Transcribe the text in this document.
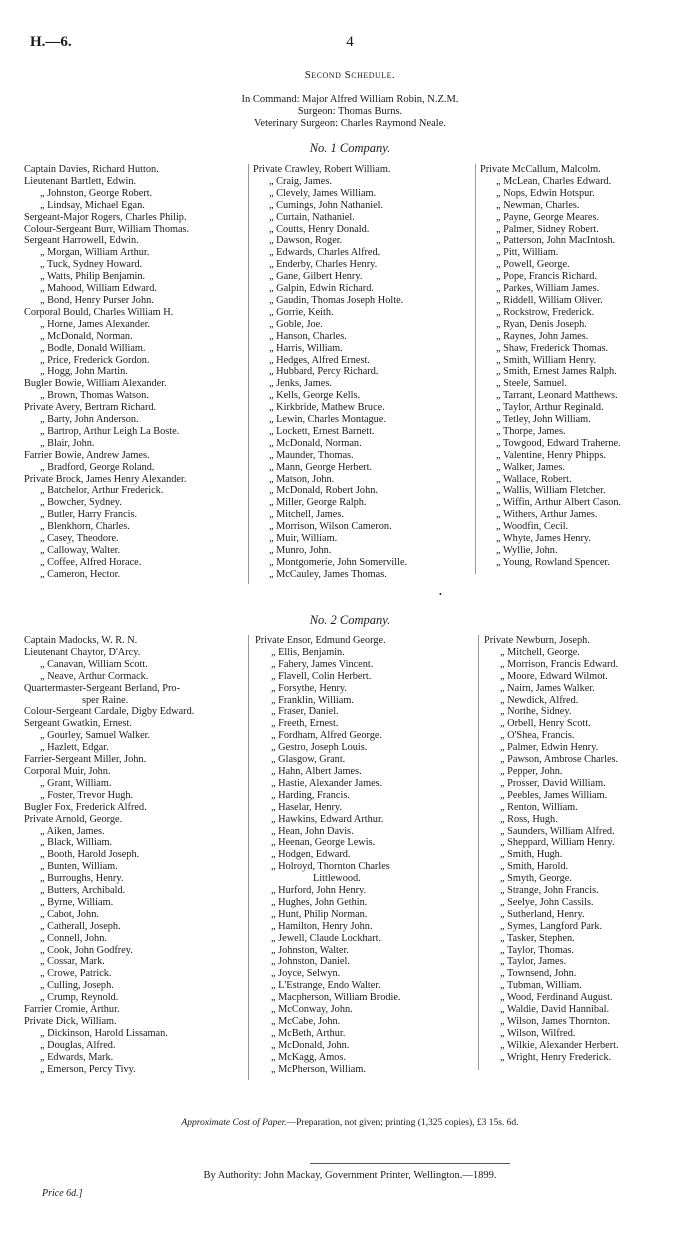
H.—6.	4
Second Schedule.
In Command: Major Alfred William Robin, N.Z.M.
Surgeon: Thomas Burns.
Veterinary Surgeon: Charles Raymond Neale.
No. 1 Company.
Captain Davies, Richard Hutton.
Lieutenant Bartlett, Edwin.
„ Johnston, George Robert.
„ Lindsay, Michael Egan.
Sergeant-Major Rogers, Charles Philip.
Colour-Sergeant Burr, William Thomas.
Sergeant Harrowell, Edwin.
„ Morgan, William Arthur.
„ Tuck, Sydney Howard.
„ Watts, Philip Benjamin.
„ Mahood, William Edward.
„ Bond, Henry Purser John.
Corporal Bould, Charles William H.
„ Horne, James Alexander.
„ McDonald, Norman.
„ Bodle, Donald William.
„ Price, Frederick Gordon.
„ Hogg, John Martin.
Bugler Bowie, William Alexander.
„ Brown, Thomas Watson.
Private Avery, Bertram Richard.
„ Barty, John Anderson.
„ Bartrop, Arthur Leigh La Boste.
„ Blair, John.
Farrier Bowie, Andrew James.
„ Bradford, George Roland.
Private Brock, James Henry Alexander.
„ Batchelor, Arthur Frederick.
„ Bowcher, Sydney.
„ Butler, Harry Francis.
„ Blenkhorn, Charles.
„ Casey, Theodore.
„ Calloway, Walter.
„ Coffee, Alfred Horace.
„ Cameron, Hector.
Private Crawley, Robert William.
„ Craig, James.
„ Clevely, James William.
„ Cumings, John Nathaniel.
„ Curtain, Nathaniel.
„ Coutts, Henry Donald.
„ Dawson, Roger.
„ Edwards, Charles Alfred.
„ Enderby, Charles Henry.
„ Gane, Gilbert Henry.
„ Galpin, Edwin Richard.
„ Gaudin, Thomas Joseph Holte.
„ Gorrie, Keith.
„ Goble, Joe.
„ Hanson, Charles.
„ Harris, William.
„ Hedges, Alfred Ernest.
„ Hubbard, Percy Richard.
„ Jenks, James.
„ Kells, George Kells.
„ Kirkbride, Mathew Bruce.
„ Lewin, Charles Montague.
„ Lockett, Ernest Barnett.
„ McDonald, Norman.
„ Maunder, Thomas.
„ Mann, George Herbert.
„ Matson, John.
„ McDonald, Robert John.
„ Miller, George Ralph.
„ Mitchell, James.
„ Morrison, Wilson Cameron.
„ Muir, William.
„ Munro, John.
„ Montgomerie, John Somerville.
„ McCauley, James Thomas.
Private McCallum, Malcolm.
„ McLean, Charles Edward.
„ Nops, Edwin Hotspur.
„ Newman, Charles.
„ Payne, George Meares.
„ Palmer, Sidney Robert.
„ Patterson, John MacIntosh.
„ Pitt, William.
„ Powell, George.
„ Pope, Francis Richard.
„ Parkes, William James.
„ Riddell, William Oliver.
„ Rockstrow, Frederick.
„ Ryan, Denis Joseph.
„ Raynes, John James.
„ Shaw, Frederick Thomas.
„ Smith, William Henry.
„ Smith, Ernest James Ralph.
„ Steele, Samuel.
„ Tarrant, Leonard Matthews.
„ Taylor, Arthur Reginald.
„ Tetley, John William.
„ Thorpe, James.
„ Towgood, Edward Traherne.
„ Valentine, Henry Phipps.
„ Walker, James.
„ Wallace, Robert.
„ Wallis, William Fletcher.
„ Wiffin, Arthur Albert Cason.
„ Withers, Arthur James.
„ Woodfin, Cecil.
„ Whyte, James Henry.
„ Wyllie, John.
„ Young, Rowland Spencer.
•
No. 2 Company.
Captain Madocks, W. R. N.
Lieutenant Chaytor, D'Arcy.
„ Canavan, William Scott.
„ Neave, Arthur Cormack.
Quartermaster-Sergeant Berland, Pro-
sper Raine.
Colour-Sergeant Cardale, Digby Edward.
Sergeant Gwatkin, Ernest.
„ Gourley, Samuel Walker.
„ Hazlett, Edgar.
Farrier-Sergeant Miller, John.
Corporal Muir, John.
„ Grant, William.
„ Foster, Trevor Hugh.
Bugler Fox, Frederick Alfred.
Private Arnold, George.
„ Aiken, James.
„ Black, William.
„ Booth, Harold Joseph.
„ Bunten, William.
„ Burroughs, Henry.
„ Butters, Archibald.
„ Byrne, William.
„ Cabot, John.
„ Catherall, Joseph.
„ Connell, John.
„ Cook, John Godfrey.
„ Cossar, Mark.
„ Crowe, Patrick.
„ Culling, Joseph.
„ Crump, Reynold.
Farrier Cromie, Arthur.
Private Dick, William.
„ Dickinson, Harold Lissaman.
„ Douglas, Alfred.
„ Edwards, Mark.
„ Emerson, Percy Tivy.
Private Ensor, Edmund George.
„ Ellis, Benjamin.
„ Fahery, James Vincent.
„ Flavell, Colin Herbert.
„ Forsythe, Henry.
„ Franklin, William.
„ Fraser, Daniel.
„ Freeth, Ernest.
„ Fordham, Alfred George.
„ Gestro, Joseph Louis.
„ Glasgow, Grant.
„ Hahn, Albert James.
„ Hastie, Alexander James.
„ Harding, Francis.
„ Haselar, Henry.
„ Hawkins, Edward Arthur.
„ Hean, John Davis.
„ Heenan, George Lewis.
„ Hodgen, Edward.
„ Holroyd, Thornton Charles
Littlewood.
„ Hurford, John Henry.
„ Hughes, John Gethin.
„ Hunt, Philip Norman.
„ Hamilton, Henry John.
„ Jewell, Claude Lockhart.
„ Johnston, Walter.
„ Johnston, Daniel.
„ Joyce, Selwyn.
„ L'Estrange, Endo Walter.
„ Macpherson, William Brodie.
„ McConway, John.
„ McCabe, John.
„ McBeth, Arthur.
„ McDonald, John.
„ McKagg, Amos.
„ McPherson, William.
Private Newburn, Joseph.
„ Mitchell, George.
„ Morrison, Francis Edward.
„ Moore, Edward Wilmot.
„ Nairn, James Walker.
„ Newdick, Alfred.
„ Northe, Sidney.
„ Orbell, Henry Scott.
„ O'Shea, Francis.
„ Palmer, Edwin Henry.
„ Pawson, Ambrose Charles.
„ Pepper, John.
„ Prosser, David William.
„ Peebles, James William.
„ Renton, William.
„ Ross, Hugh.
„ Saunders, William Alfred.
„ Sheppard, William Henry.
„ Smith, Hugh.
„ Smith, Harold.
„ Smyth, George.
„ Strange, John Francis.
„ Seelye, John Cassils.
„ Sutherland, Henry.
„ Symes, Langford Park.
„ Tasker, Stephen.
„ Taylor, Thomas.
„ Taylor, James.
„ Townsend, John.
„ Tubman, William.
„ Wood, Ferdinand August.
„ Waldie, David Hannibal.
„ Wilson, James Thornton.
„ Wilson, Wilfred.
„ Wilkie, Alexander Herbert.
„ Wright, Henry Frederick.
Approximate Cost of Paper.—Preparation, not given; printing (1,325 copies), £3 15s. 6d.
By Authority: John Mackay, Government Printer, Wellington.—1899.
Price 6d.]
